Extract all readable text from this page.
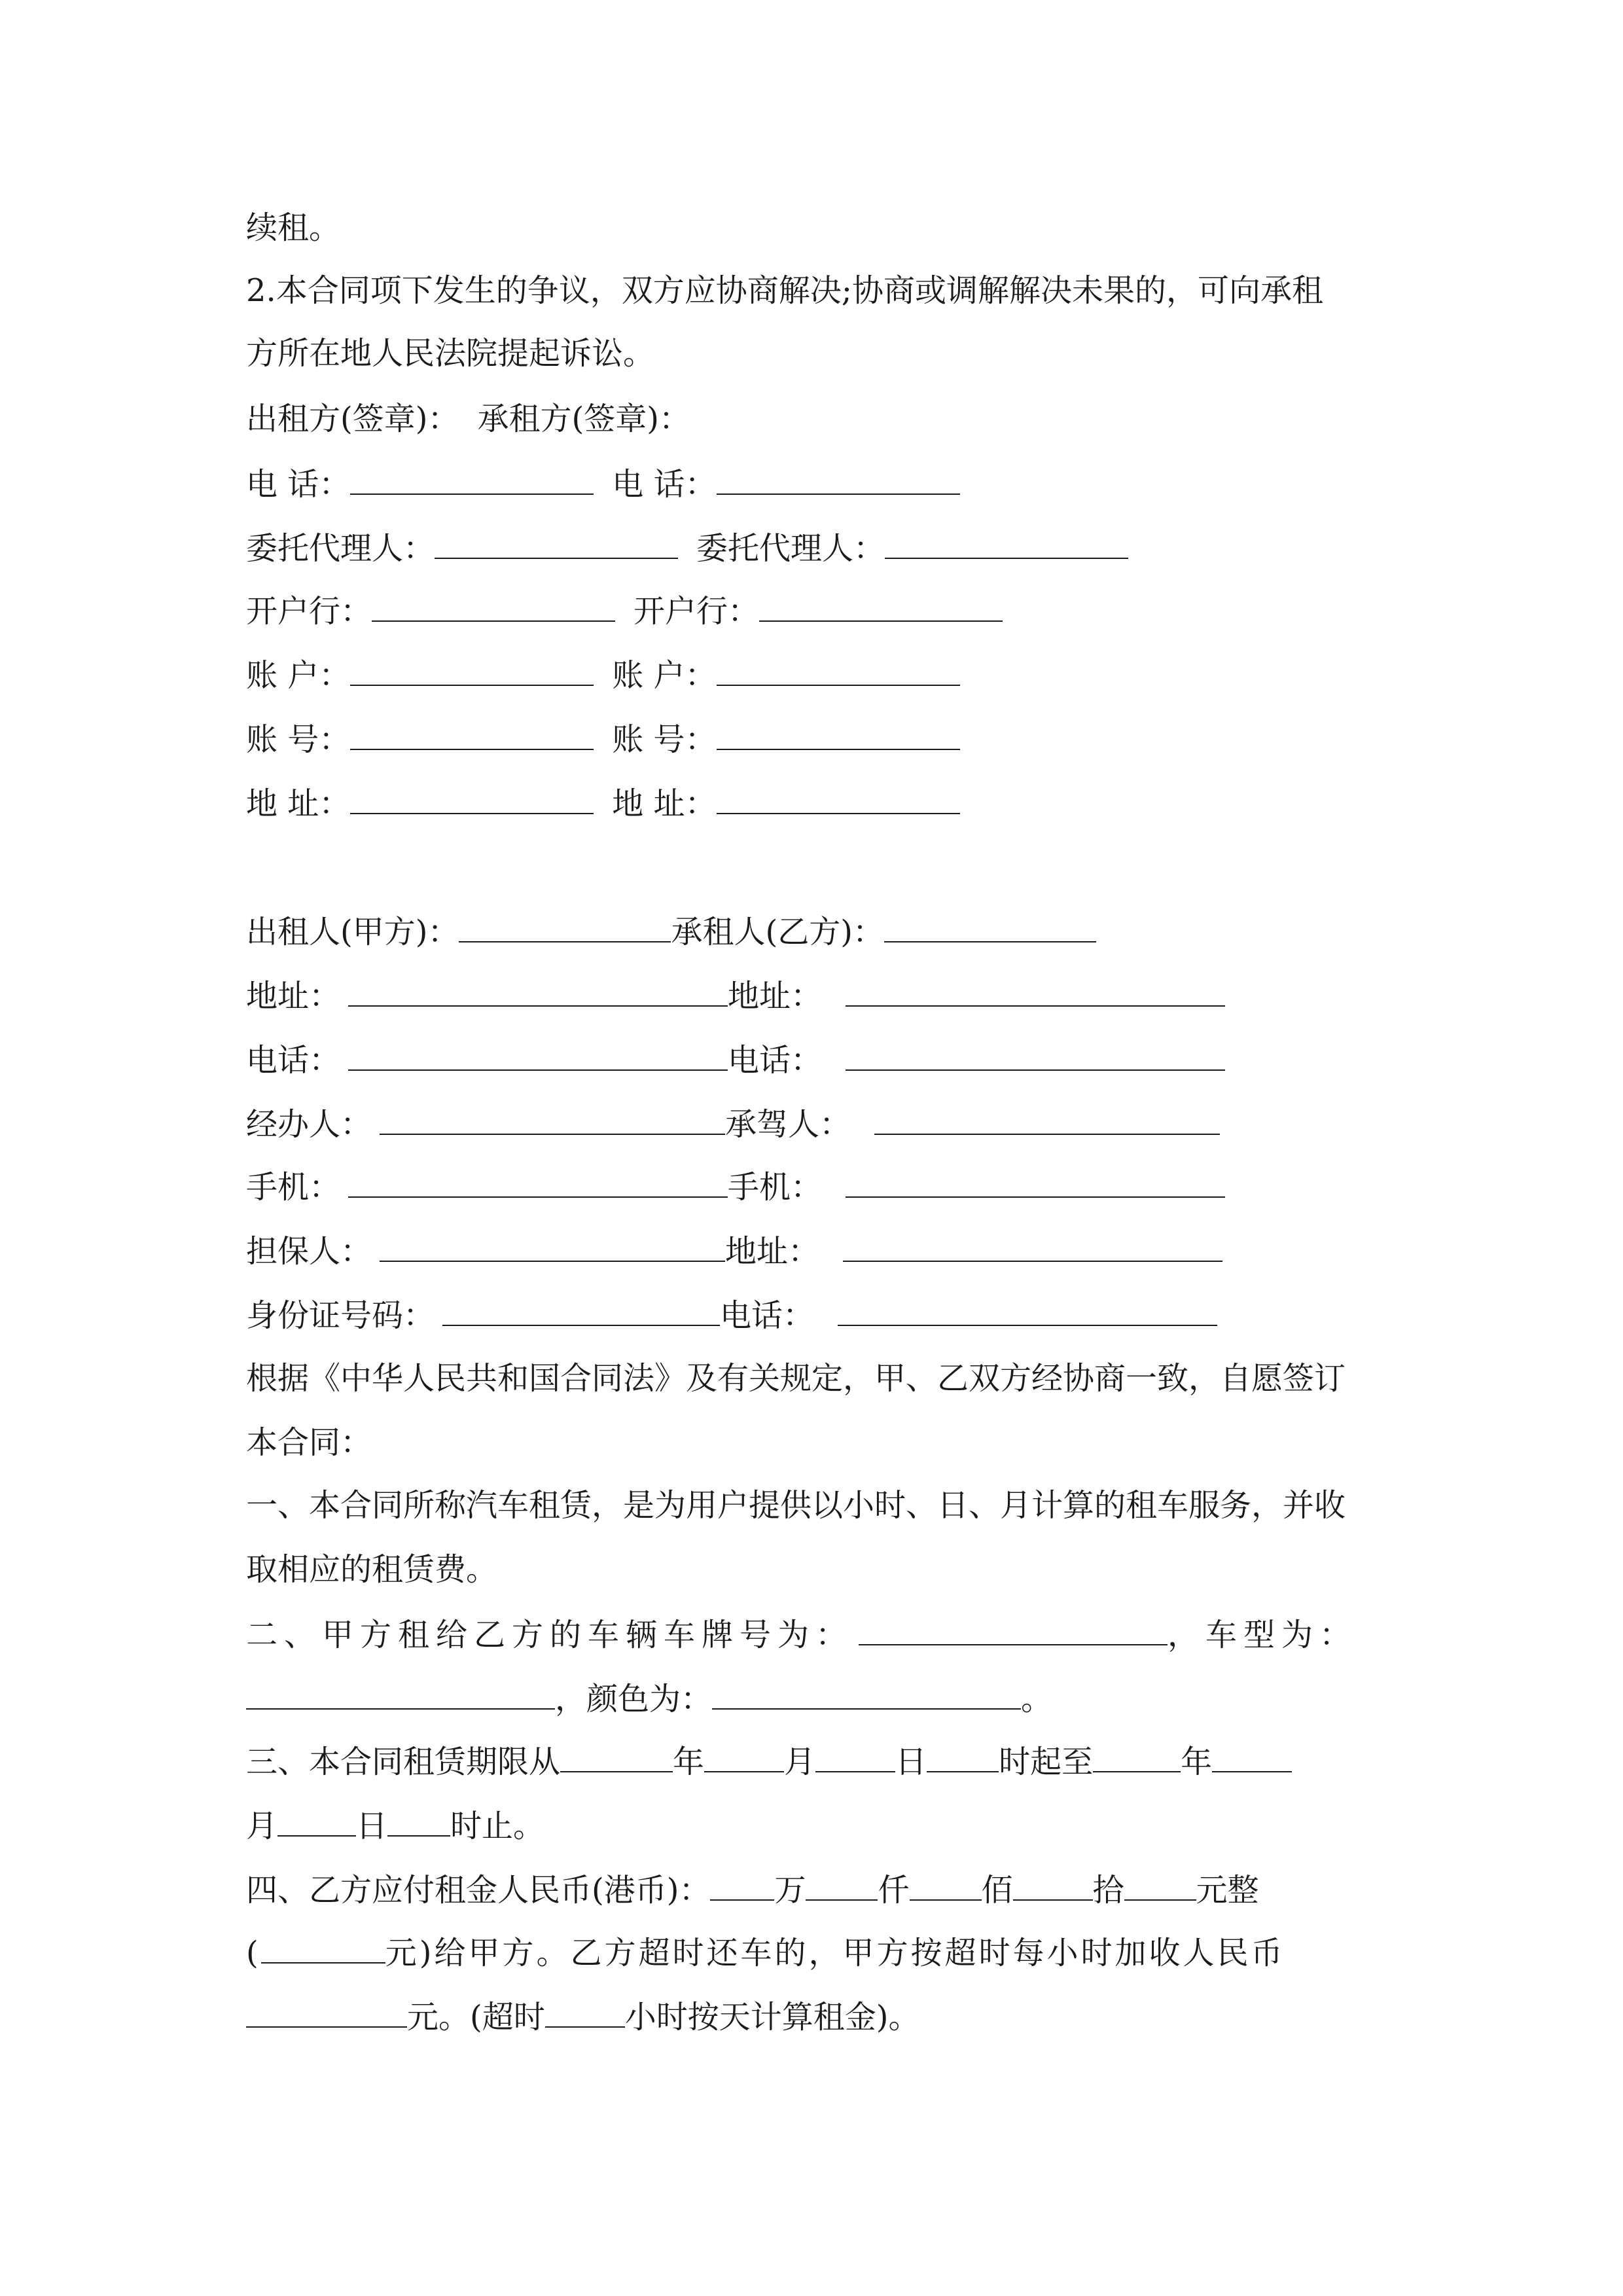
续租。
2.本合同项下发生的争议，双方应协商解决;协商或调解解决未果的，可向承租
方所在地人民法院提起诉讼。
出租方(签章)： 承租方(签章)：
电 话：	电 话：
委托代理人：	委托代理人：
开户行：	开户行：
账 户：	账 户：
账 号：	账 号：
地 址：	地 址：
出租人(甲方)：	承租人(乙方)：
地址：	地址：
电话：	电话：
经办人：	承驾人：
手机：	手机：
担保人：	地址：
身份证号码：	电话：
根据《中华人民共和国合同法》及有关规定，甲、乙双方经协商一致，自愿签订
本合同：
一、本合同所称汽车租赁，是为用户提供以小时、日、月计算的租车服务，并收
取相应的租赁费。
二、甲方租给乙方的车辆车牌号为：	，车型为：
，颜色为：	。
三、本合同租赁期限从	年	月	日 时起至	年
月	日 时止。
四、乙方应付租金人民币(港币)： 万 仟 佰	拾 元整
(	元)给甲方。乙方超时还车的，甲方按超时每小时加收人民币
元。(超时	小时按天计算租金)。
